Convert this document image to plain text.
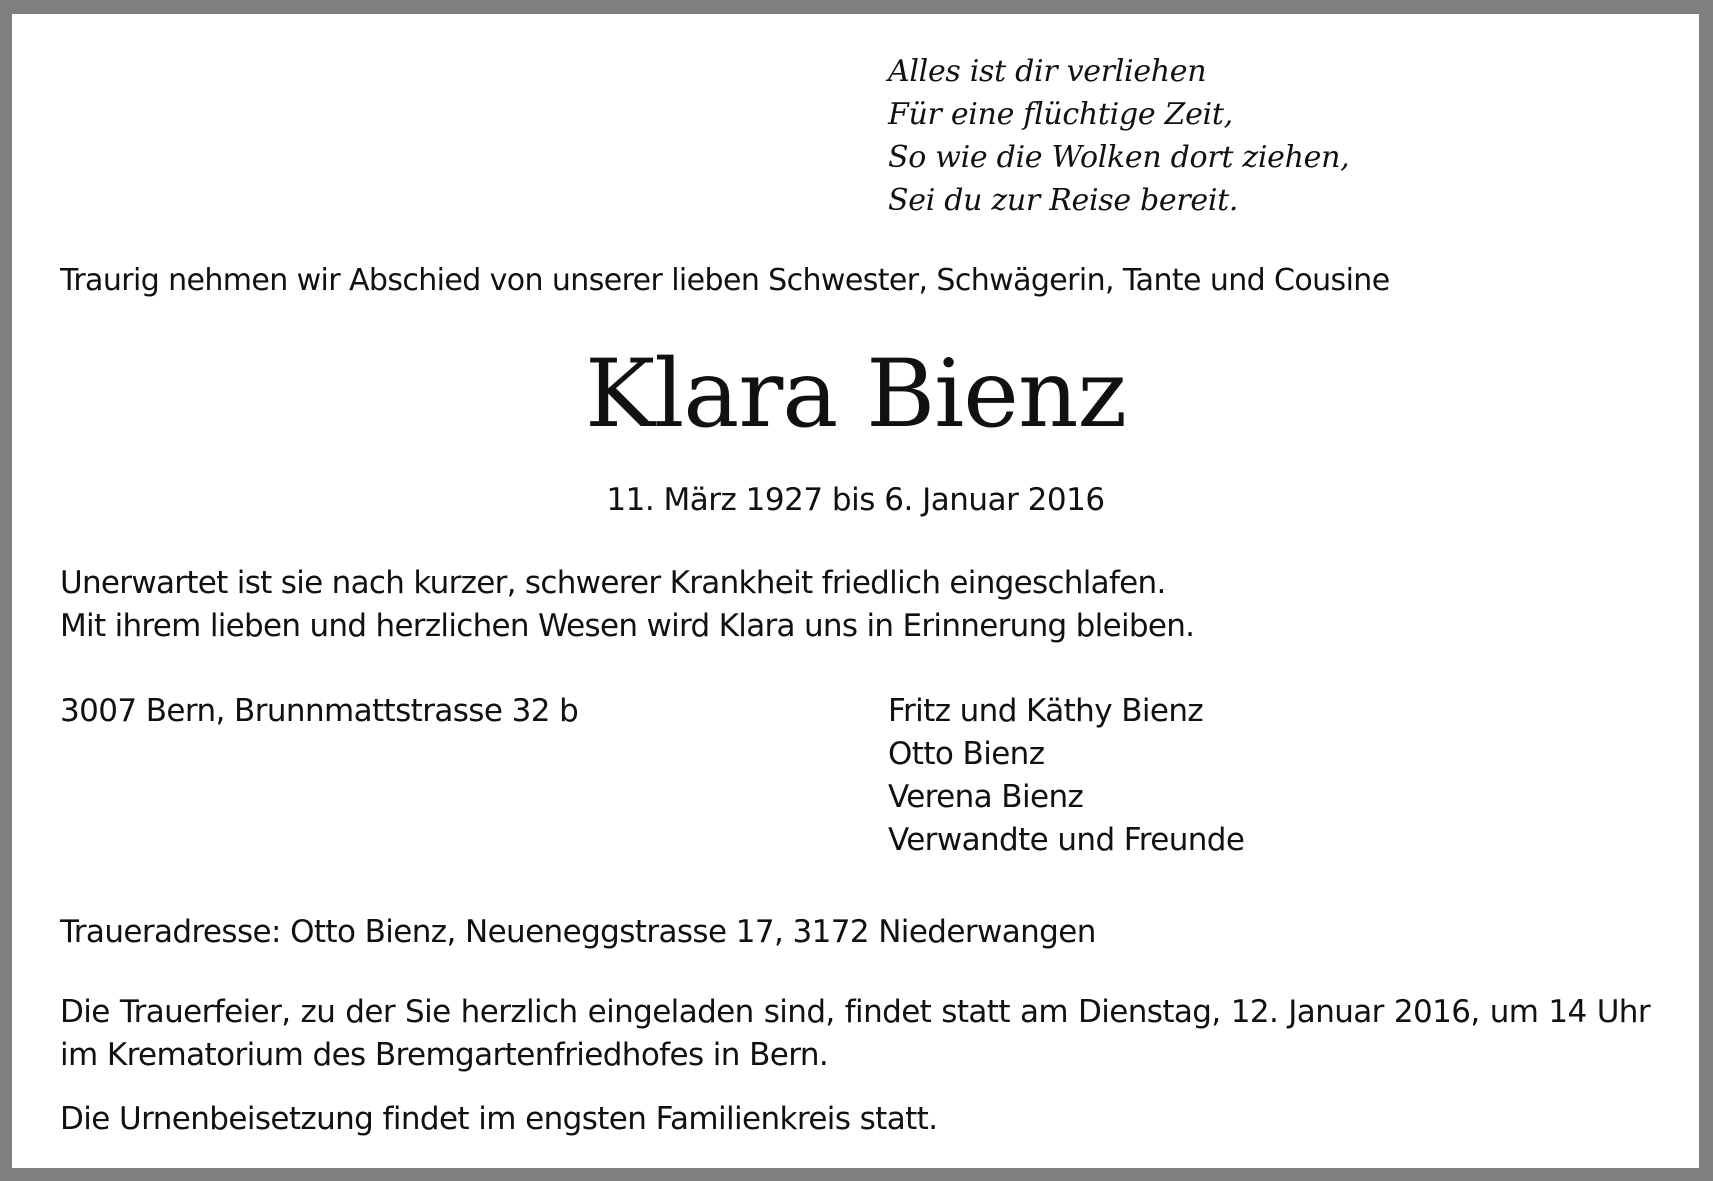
Alles ist dir verliehen
Für eine flüchtige Zeit,
So wie die Wolken dort ziehen,
Sei du zur Reise bereit.
Traurig nehmen wir Abschied von unserer lieben Schwester, Schwägerin, Tante und Cousine
Klara Bienz
11. März 1927 bis 6. Januar 2016
Unerwartet ist sie nach kurzer, schwerer Krankheit friedlich eingeschlafen.
Mit ihrem lieben und herzlichen Wesen wird Klara uns in Erinnerung bleiben.
3007 Bern, Brunnmattstrasse 32 b	Fritz und Käthy Bienz
Otto Bienz
Verena Bienz
Verwandte und Freunde
Traueradresse: Otto Bienz, Neueneggstrasse 17, 3172 Niederwangen
Die Trauerfeier, zu der Sie herzlich eingeladen sind, findet statt am Dienstag, 12. Januar 2016, um 14 Uhr im Krematorium des Bremgartenfriedhofes in Bern.
Die Urnenbeisetzung findet im engsten Familienkreis statt.
